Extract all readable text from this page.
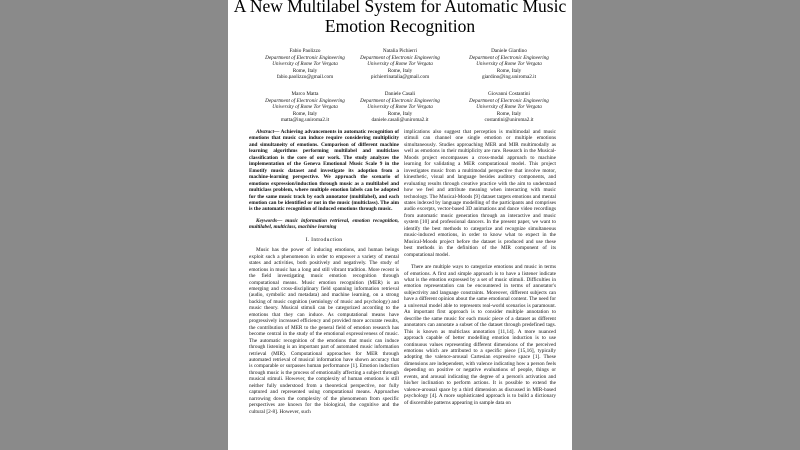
A New Multilabel System for Automatic Music Emotion Recognition
Fabio Paolizzo
Department of Electronic Engineering
University of Rome Tor Vergata
Rome, Italy
fabio.paolizzo@gmail.com
Natalia Pichierri
Department of Electronic Engineering
University of Rome Tor Vergata
Rome, Italy
pichierrinatalia@gmail.com
Daniele Giardino
Department of Electronic Engineering
University of Rome Tor Vergata
Rome, Italy
giardino@ing.uniroma2.it
Marco Matta
Department of Electronic Engineering
University of Rome Tor Vergata
Rome, Italy
matta@ing.uniroma2.it
Daniele Casali
Department of Electronic Engineering
University of Rome Tor Vergata
Rome, Italy
daniele.casali@uniroma2.it
Giovanni Costantini
Department of Electronic Engineering
University of Rome Tor Vergata
Rome, Italy
costantini@uniroma2.it

Abstract— Achieving advancements in automatic recognition of emotions that music can induce require considering multiplicity and simultaneity of emotions. Comparison of different machine learning algorithms performing multilabel and multiclass classification is the core of our work. The study analyzes the implementation of the Geneva Emotional Music Scale 9 in the Emotify music dataset and investigate its adoption from a machine-learning perspective. We approach the scenario of emotions expression/induction through music as a multilabel and multiclass problem, where multiple emotion labels can be adopted for the same music track by each annotator (multilabel), and each emotion can be identified or not in the music (multiclass). The aim is the automatic recognition of induced emotions through music.

Keywords— music information retrieval, emotion recognition, multilabel, multiclass, machine learning

I. Introduction

Music has the power of inducing emotions, and human beings exploit such a phenomenon in order to empower a variety of mental states and activities, both positively and negatively. The study of emotions in music has a long and still vibrant tradition. More recent is the field investigating music emotion recognition through computational means. Music emotion recognition (MER) is an emerging and cross-disciplinary field spanning information retrieval (audio, symbolic and metadata) and machine learning, on a strong backing of music cognition (semiology of music and psychology) and music theory. Musical stimuli can be categorized according to the emotions that they can induce. As computational means have progressively increased efficiency and provided more accurate results, the contribution of MER to the general field of emotion research has become central in the study of the emotional expressiveness of music. The automatic recognition of the emotions that music can induce through listening is an important part of automated music information retrieval (MIR). Computational approaches for MER through automated retrieval of musical information have shown accuracy that is comparable or surpasses human performance [1]. Emotion induction through music is the process of emotionally affecting a subject through musical stimuli. However, the complexity of human emotions is still neither fully understood from a theoretical perspective, nor fully captured and represented using computational means. Approaches narrowing down the complexity of the phenomenon from specific perspectives are known for the biological, the cognitive and the cultural [2-8]. However, such

implications also suggest that perception is multimodal and music stimuli can channel one single emotion or multiple emotions simultaneously. Studies approaching MER and MIR multimodally as well as emotions in their multiplicity are rare. Research in the Musical-Moods project encompasses a cross-modal approach to machine learning for validating a MER computational model. This project investigates music from a multimodal perspective that involve motor, kinesthetic, visual and language besides auditory components, and evaluating results through creative practice with the aim to understand how we feel and attribute meaning when interacting with music technology. The Musical-Moods [9] dataset targets emotions and mental states indexed by language modelling of the participants and comprises audio excerpts, vector-based 3D animations and dance video recordings from automatic music generation through an interactive and music system [10] and professional dancers. In the present paper, we want to identify the best methods to categorize and recognize simultaneous music-induced emotions, in order to know what to expect in the Musical-Moods project before the dataset is produced and use these best methods in the definition of the MIR component of its computational model.

There are multiple ways to categorize emotions and music in terms of emotions. A first and simple approach is to have a listener indicate what is the emotion expressed by a set of music stimuli. Difficulties in emotion representation can be encountered in terms of annotator's subjectivity and language constraints. Moreover, different subjects can have a different opinion about the same emotional content. The need for a universal model able to represents real-world scenarios is paramount. An important first approach is to consider multiple annotation to describe the same music for each music piece of a dataset as different annotators can annotate a subset of the dataset through predefined tags. This is known as multiclass annotation [11,14]. A more nuanced approach capable of better modelling emotion induction is to use continuous values representing different dimensions of the perceived emotions which are attributed to a specific piece [15,16], typically adopting the valence-arousal Cartesian expressive space [1]. These dimensions are independent, with valence indicating how a person feels depending on positive or negative evaluations of people, things or events, and arousal indicating the degree of a person's activation and his/her inclination to perform actions. It is possible to extend the valence-arousal space by a third dimension as discussed in MIR-based psychology [4]. A more sophisticated approach is to build a dictionary of discernible patterns appearing in sample data on
